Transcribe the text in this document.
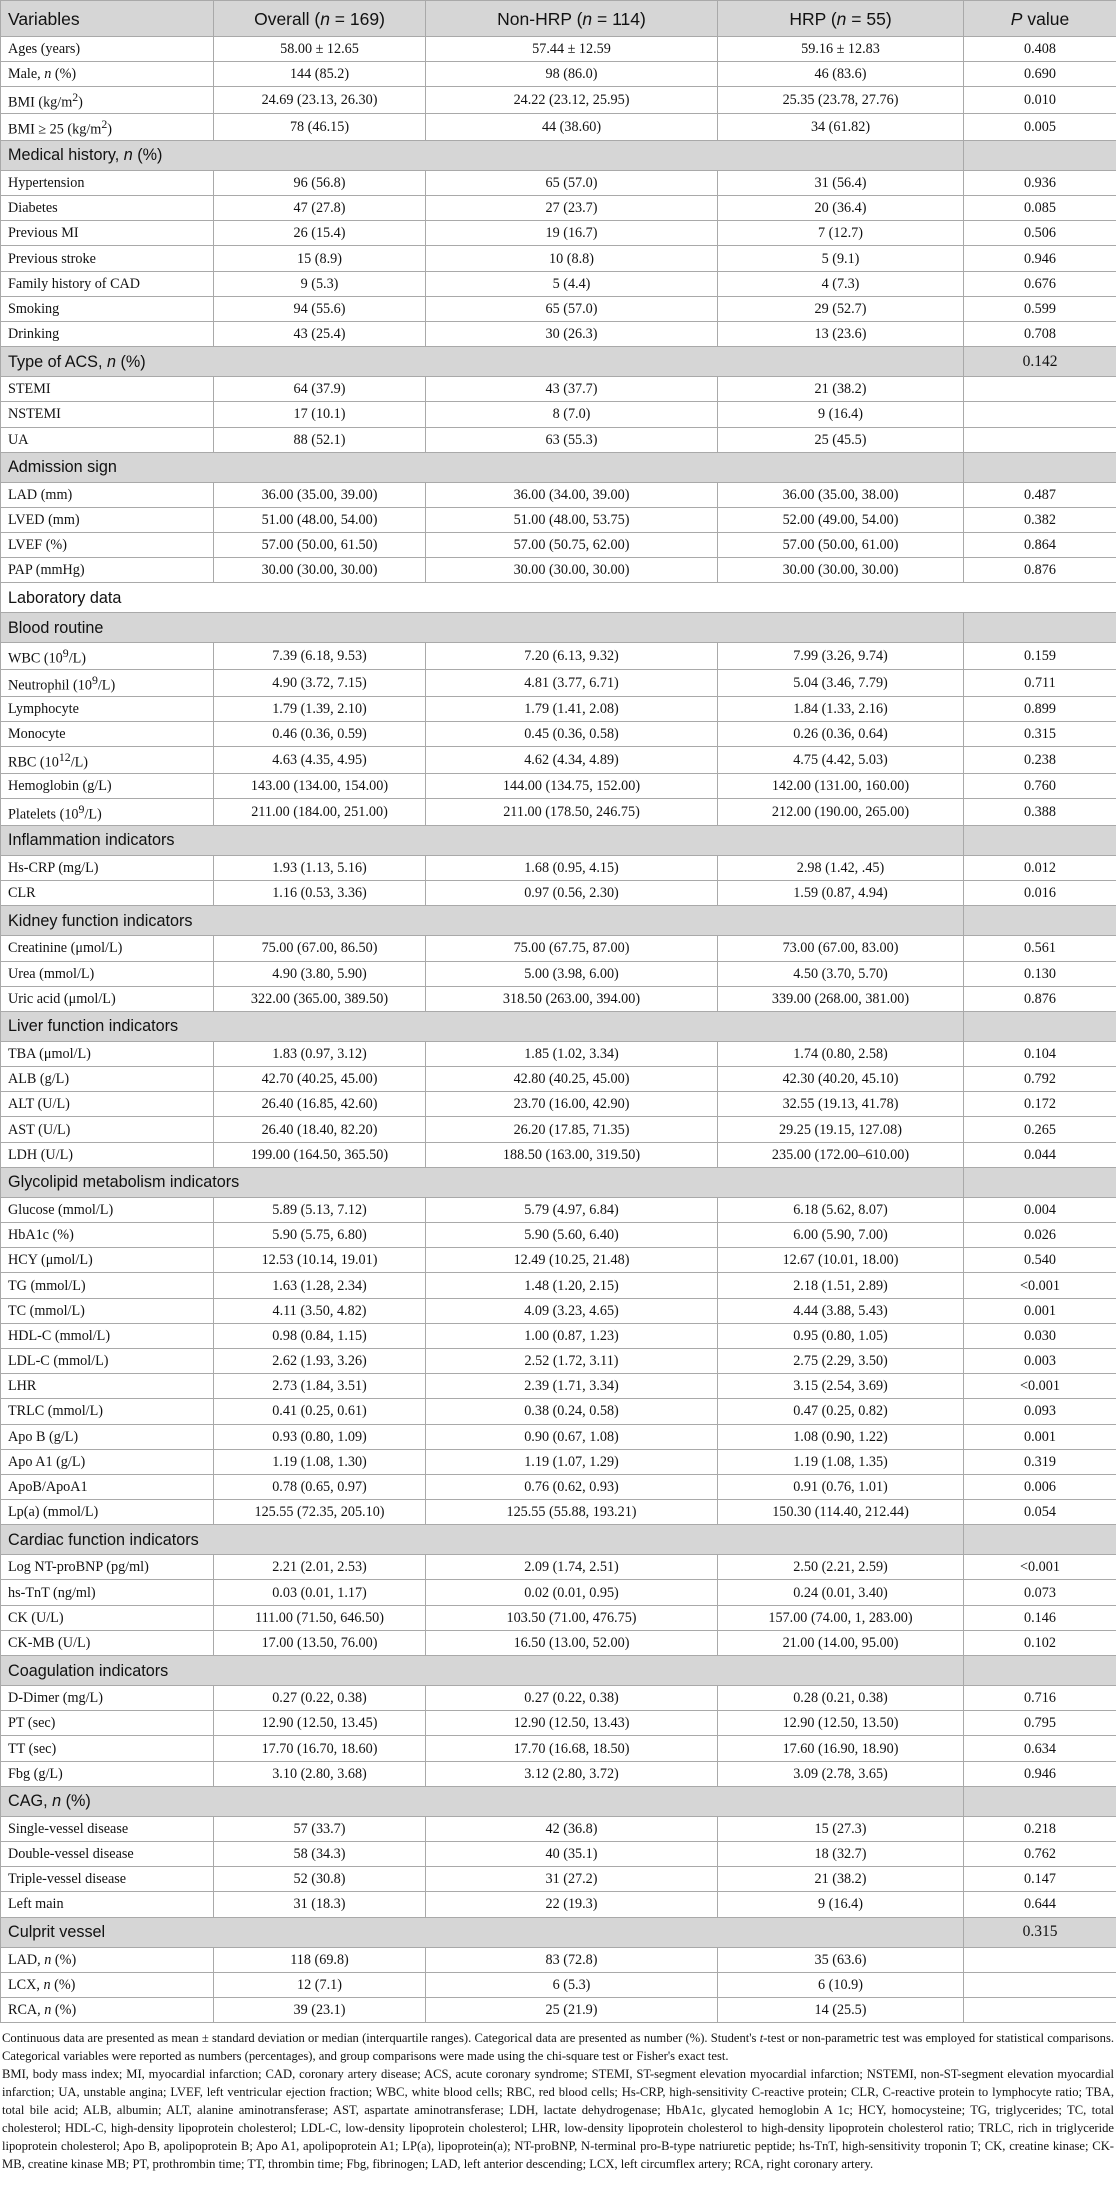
Variables	Overall (n = 169)	Non-HRP (n = 114)	HRP (n = 55)	P value
Ages (years)	58.00 ± 12.65	57.44 ± 12.59	59.16 ± 12.83	0.408
Male, n (%)	144 (85.2)	98 (86.0)	46 (83.6)	0.690
BMI $(kg/m^2)$	24.69 (23.13, 26.30)	24.22 (23.12, 25.95)	25.35 (23.78, 27.76)	0.010
BMI ≥ 25 $(kg/m^2)$	78 (46.15)	44 (38.60)	34 (61.82)	0.005
Medical history, n (%)				
Hypertension	96 (56.8)	65 (57.0)	31 (56.4)	0.936
Diabetes	47 (27.8)	27 (23.7)	20 (36.4)	0.085
Previous MI	26 (15.4)	19 (16.7)	7 (12.7)	0.506
Previous stroke	15 (8.9)	10 (8.8)	5 (9.1)	0.946
Family history of CAD	9 (5.3)	5 (4.4)	4 (7.3)	0.676
Smoking	94 (55.6)	65 (57.0)	29 (52.7)	0.599
Drinking	43 (25.4)	30 (26.3)	13 (23.6)	0.708
Type of ACS, n (%)				0.142
STEMI	64 (37.9)	43 (37.7)	21 (38.2)	
NSTEMI	17 (10.1)	8 (7.0)	9 (16.4)	
UA	88 (52.1)	63 (55.3)	25 (45.5)	
Admission sign				
LAD (mm)	36.00 (35.00, 39.00)	36.00 (34.00, 39.00)	36.00 (35.00, 38.00)	0.487
LVED (mm)	51.00 (48.00, 54.00)	51.00 (48.00, 53.75)	52.00 (49.00, 54.00)	0.382
LVEF (%)	57.00 (50.00, 61.50)	57.00 (50.75, 62.00)	57.00 (50.00, 61.00)	0.864
PAP (mmHg)	30.00 (30.00, 30.00)	30.00 (30.00, 30.00)	30.00 (30.00, 30.00)	0.876
Laboratory data				
Blood routine				
WBC $(10^9/L)$	7.39 (6.18, 9.53)	7.20 (6.13, 9.32)	7.99 (3.26, 9.74)	0.159
Neutrophil $(10^9/L)$	4.90 (3.72, 7.15)	4.81 (3.77, 6.71)	5.04 (3.46, 7.79)	0.711
Lymphocyte	1.79 (1.39, 2.10)	1.79 (1.41, 2.08)	1.84 (1.33, 2.16)	0.899
Monocyte	0.46 (0.36, 0.59)	0.45 (0.36, 0.58)	0.26 (0.36, 0.64)	0.315
RBC $(10^{12}/L)$	4.63 (4.35, 4.95)	4.62 (4.34, 4.89)	4.75 (4.42, 5.03)	0.238
Hemoglobin (g/L)	143.00 (134.00, 154.00)	144.00 (134.75, 152.00)	142.00 (131.00, 160.00)	0.760
Platelets $(10^9/L)$	211.00 (184.00, 251.00)	211.00 (178.50, 246.75)	212.00 (190.00, 265.00)	0.388
Inflammation indicators				
Hs-CRP (mg/L)	1.93 (1.13, 5.16)	1.68 (0.95, 4.15)	2.98 (1.42, .45)	0.012
CLR	1.16 (0.53, 3.36)	0.97 (0.56, 2.30)	1.59 (0.87, 4.94)	0.016
Kidney function indicators				
Creatinine (μmol/L)	75.00 (67.00, 86.50)	75.00 (67.75, 87.00)	73.00 (67.00, 83.00)	0.561
Urea (mmol/L)	4.90 (3.80, 5.90)	5.00 (3.98, 6.00)	4.50 (3.70, 5.70)	0.130
Uric acid (μmol/L)	322.00 (365.00, 389.50)	318.50 (263.00, 394.00)	339.00 (268.00, 381.00)	0.876
Liver function indicators				
TBA (μmol/L)	1.83 (0.97, 3.12)	1.85 (1.02, 3.34)	1.74 (0.80, 2.58)	0.104
ALB (g/L)	42.70 (40.25, 45.00)	42.80 (40.25, 45.00)	42.30 (40.20, 45.10)	0.792
ALT (U/L)	26.40 (16.85, 42.60)	23.70 (16.00, 42.90)	32.55 (19.13, 41.78)	0.172
AST (U/L)	26.40 (18.40, 82.20)	26.20 (17.85, 71.35)	29.25 (19.15, 127.08)	0.265
LDH (U/L)	199.00 (164.50, 365.50)	188.50 (163.00, 319.50)	235.00 (172.00–610.00)	0.044
Glycolipid metabolism indicators				
Glucose (mmol/L)	5.89 (5.13, 7.12)	5.79 (4.97, 6.84)	6.18 (5.62, 8.07)	0.004
HbA1c (%)	5.90 (5.75, 6.80)	5.90 (5.60, 6.40)	6.00 (5.90, 7.00)	0.026
HCY (μmol/L)	12.53 (10.14, 19.01)	12.49 (10.25, 21.48)	12.67 (10.01, 18.00)	0.540
TG (mmol/L)	1.63 (1.28, 2.34)	1.48 (1.20, 2.15)	2.18 (1.51, 2.89)	<0.001
TC (mmol/L)	4.11 (3.50, 4.82)	4.09 (3.23, 4.65)	4.44 (3.88, 5.43)	0.001
HDL-C (mmol/L)	0.98 (0.84, 1.15)	1.00 (0.87, 1.23)	0.95 (0.80, 1.05)	0.030
LDL-C (mmol/L)	2.62 (1.93, 3.26)	2.52 (1.72, 3.11)	2.75 (2.29, 3.50)	0.003
LHR	2.73 (1.84, 3.51)	2.39 (1.71, 3.34)	3.15 (2.54, 3.69)	<0.001
TRLC (mmol/L)	0.41 (0.25, 0.61)	0.38 (0.24, 0.58)	0.47 (0.25, 0.82)	0.093
Apo B (g/L)	0.93 (0.80, 1.09)	0.90 (0.67, 1.08)	1.08 (0.90, 1.22)	0.001
Apo A1 (g/L)	1.19 (1.08, 1.30)	1.19 (1.07, 1.29)	1.19 (1.08, 1.35)	0.319
ApoB/ApoA1	0.78 (0.65, 0.97)	0.76 (0.62, 0.93)	0.91 (0.76, 1.01)	0.006
Lp(a) (mmol/L)	125.55 (72.35, 205.10)	125.55 (55.88, 193.21)	150.30 (114.40, 212.44)	0.054
Cardiac function indicators				
Log NT-proBNP (pg/ml)	2.21 (2.01, 2.53)	2.09 (1.74, 2.51)	2.50 (2.21, 2.59)	<0.001
hs-TnT (ng/ml)	0.03 (0.01, 1.17)	0.02 (0.01, 0.95)	0.24 (0.01, 3.40)	0.073
CK (U/L)	111.00 (71.50, 646.50)	103.50 (71.00, 476.75)	157.00 (74.00, 1, 283.00)	0.146
CK-MB (U/L)	17.00 (13.50, 76.00)	16.50 (13.00, 52.00)	21.00 (14.00, 95.00)	0.102
Coagulation indicators				
D-Dimer (mg/L)	0.27 (0.22, 0.38)	0.27 (0.22, 0.38)	0.28 (0.21, 0.38)	0.716
PT (sec)	12.90 (12.50, 13.45)	12.90 (12.50, 13.43)	12.90 (12.50, 13.50)	0.795
TT (sec)	17.70 (16.70, 18.60)	17.70 (16.68, 18.50)	17.60 (16.90, 18.90)	0.634
Fbg (g/L)	3.10 (2.80, 3.68)	3.12 (2.80, 3.72)	3.09 (2.78, 3.65)	0.946
CAG, n (%)				
Single-vessel disease	57 (33.7)	42 (36.8)	15 (27.3)	0.218
Double-vessel disease	58 (34.3)	40 (35.1)	18 (32.7)	0.762
Triple-vessel disease	52 (30.8)	31 (27.2)	21 (38.2)	0.147
Left main	31 (18.3)	22 (19.3)	9 (16.4)	0.644
Culprit vessel				0.315
LAD, n (%)	118 (69.8)	83 (72.8)	35 (63.6)	
LCX, n (%)	12 (7.1)	6 (5.3)	6 (10.9)	
RCA, n (%)	39 (23.1)	25 (21.9)	14 (25.5)	
Continuous data are presented as mean ± standard deviation or median (interquartile ranges). Categorical data are presented as number (%). Student's t-test or non-parametric test was employed for statistical comparisons. Categorical variables were reported as numbers (percentages), and group comparisons were made using the chi-square test or Fisher's exact test.
BMI, body mass index; MI, myocardial infarction; CAD, coronary artery disease; ACS, acute coronary syndrome; STEMI, ST-segment elevation myocardial infarction; NSTEMI, non-ST-segment elevation myocardial infarction; UA, unstable angina; LVEF, left ventricular ejection fraction; WBC, white blood cells; RBC, red blood cells; Hs-CRP, high-sensitivity C-reactive protein; CLR, C-reactive protein to lymphocyte ratio; TBA, total bile acid; ALB, albumin; ALT, alanine aminotransferase; AST, aspartate aminotransferase; LDH, lactate dehydrogenase; HbA1c, glycated hemoglobin A 1c; HCY, homocysteine; TG, triglycerides; TC, total cholesterol; HDL-C, high-density lipoprotein cholesterol; LDL-C, low-density lipoprotein cholesterol; LHR, low-density lipoprotein cholesterol to high-density lipoprotein cholesterol ratio; TRLC, rich in triglyceride lipoprotein cholesterol; Apo B, apolipoprotein B; Apo A1, apolipoprotein A1; LP(a), lipoprotein(a); NT-proBNP, N-terminal pro-B-type natriuretic peptide; hs-TnT, high-sensitivity troponin T; CK, creatine kinase; CK-MB, creatine kinase MB; PT, prothrombin time; TT, thrombin time; Fbg, fibrinogen; LAD, left anterior descending; LCX, left circumflex artery; RCA, right coronary artery.
